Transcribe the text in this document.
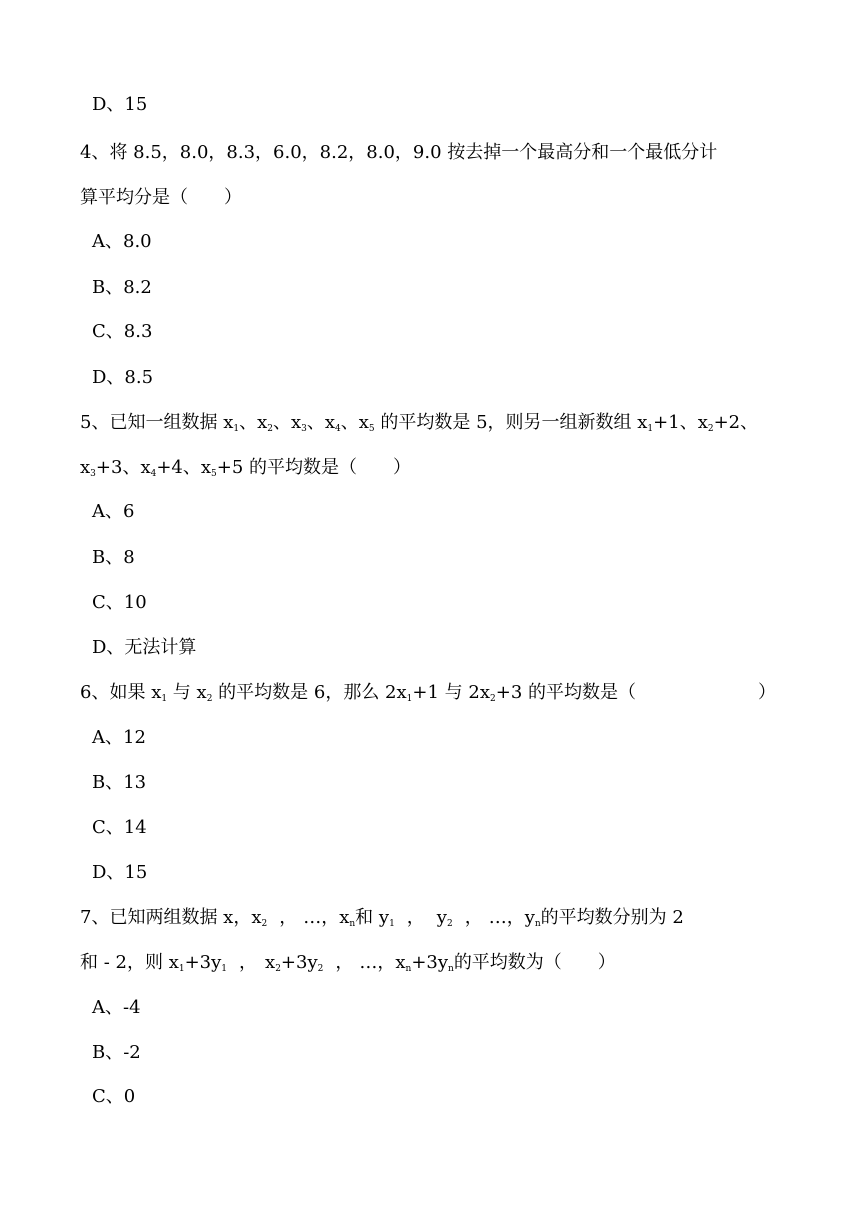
D、15
4、将 8.5，8.0，8.3，6.0，8.2，8.0，9.0 按去掉一个最高分和一个最低分计
算平均分是（　　）
A、8.0
B、8.2
C、8.3
D、8.5
5、已知一组数据 $x_1$、$x_2$、$x_3$、$x_4$、$x_5$ 的平均数是 5，则另一组新数组 $x_1+1$、$x_2+2$、
$x_3+3$、$x_4+4$、$x_5+5$ 的平均数是（　　）
A、6
B、8
C、10
D、无法计算
6、如果 $x_1$ 与 $x_2$ 的平均数是 6，那么 $2x_1+1$ 与 $2x_2+3$ 的平均数是（	）
A、12
B、13
C、14
D、15
7、已知两组数据 x，$x_2$ ， …，$x_n$和 $y_1$ ， $y_2$ ， …，$y_n$的平均数分别为 2
和 - 2，则 $x_1+3y_1$ ， $x_2+3y_2$ ， …，$x_n+3y_n$的平均数为（　　）
A、-4
B、-2
C、0
